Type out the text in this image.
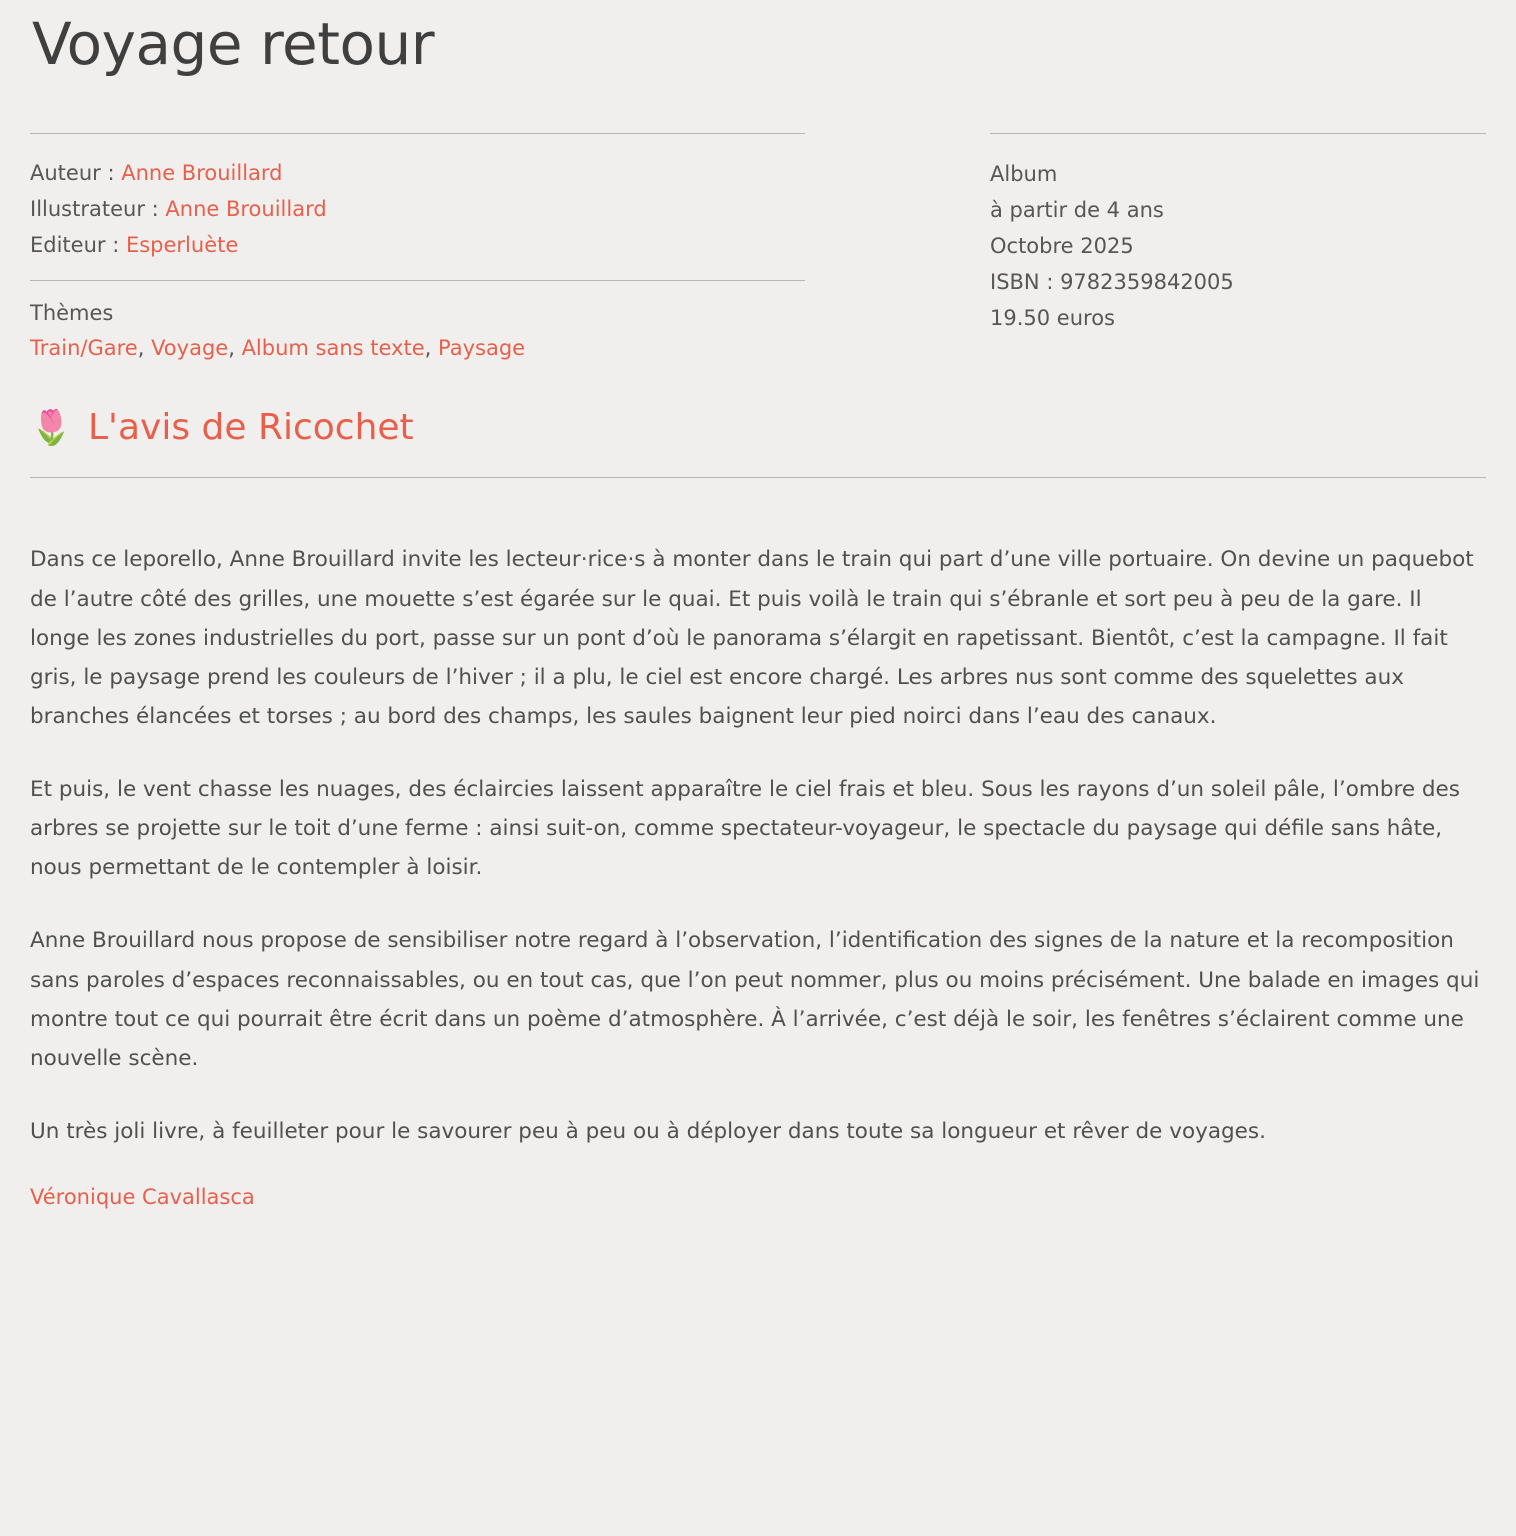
Voyage retour
Auteur : Anne Brouillard
Illustrateur : Anne Brouillard
Editeur : Esperluète
Thèmes
Train/Gare, Voyage, Album sans texte, Paysage
Album
à partir de 4 ans
Octobre 2025
ISBN : 9782359842005
19.50 euros
🌷 L'avis de Ricochet

Dans ce leporello, Anne Brouillard invite les lecteur·rice·s à monter dans le train qui part d’une ville portuaire. On devine un paquebot de l’autre côté des grilles, une mouette s’est égarée sur le quai. Et puis voilà le train qui s’ébranle et sort peu à peu de la gare. Il longe les zones industrielles du port, passe sur un pont d’où le panorama s’élargit en rapetissant. Bientôt, c’est la campagne. Il fait gris, le paysage prend les couleurs de l’hiver ; il a plu, le ciel est encore chargé. Les arbres nus sont comme des squelettes aux branches élancées et torses ; au bord des champs, les saules baignent leur pied noirci dans l’eau des canaux.

Et puis, le vent chasse les nuages, des éclaircies laissent apparaître le ciel frais et bleu. Sous les rayons d’un soleil pâle, l’ombre des arbres se projette sur le toit d’une ferme : ainsi suit-on, comme spectateur-voyageur, le spectacle du paysage qui défile sans hâte, nous permettant de le contempler à loisir.

Anne Brouillard nous propose de sensibiliser notre regard à l’observation, l’identification des signes de la nature et la recomposition sans paroles d’espaces reconnaissables, ou en tout cas, que l’on peut nommer, plus ou moins précisément. Une balade en images qui montre tout ce qui pourrait être écrit dans un poème d’atmosphère. À l’arrivée, c’est déjà le soir, les fenêtres s’éclairent comme une nouvelle scène.

Un très joli livre, à feuilleter pour le savourer peu à peu ou à déployer dans toute sa longueur et rêver de voyages.

Véronique Cavallasca
